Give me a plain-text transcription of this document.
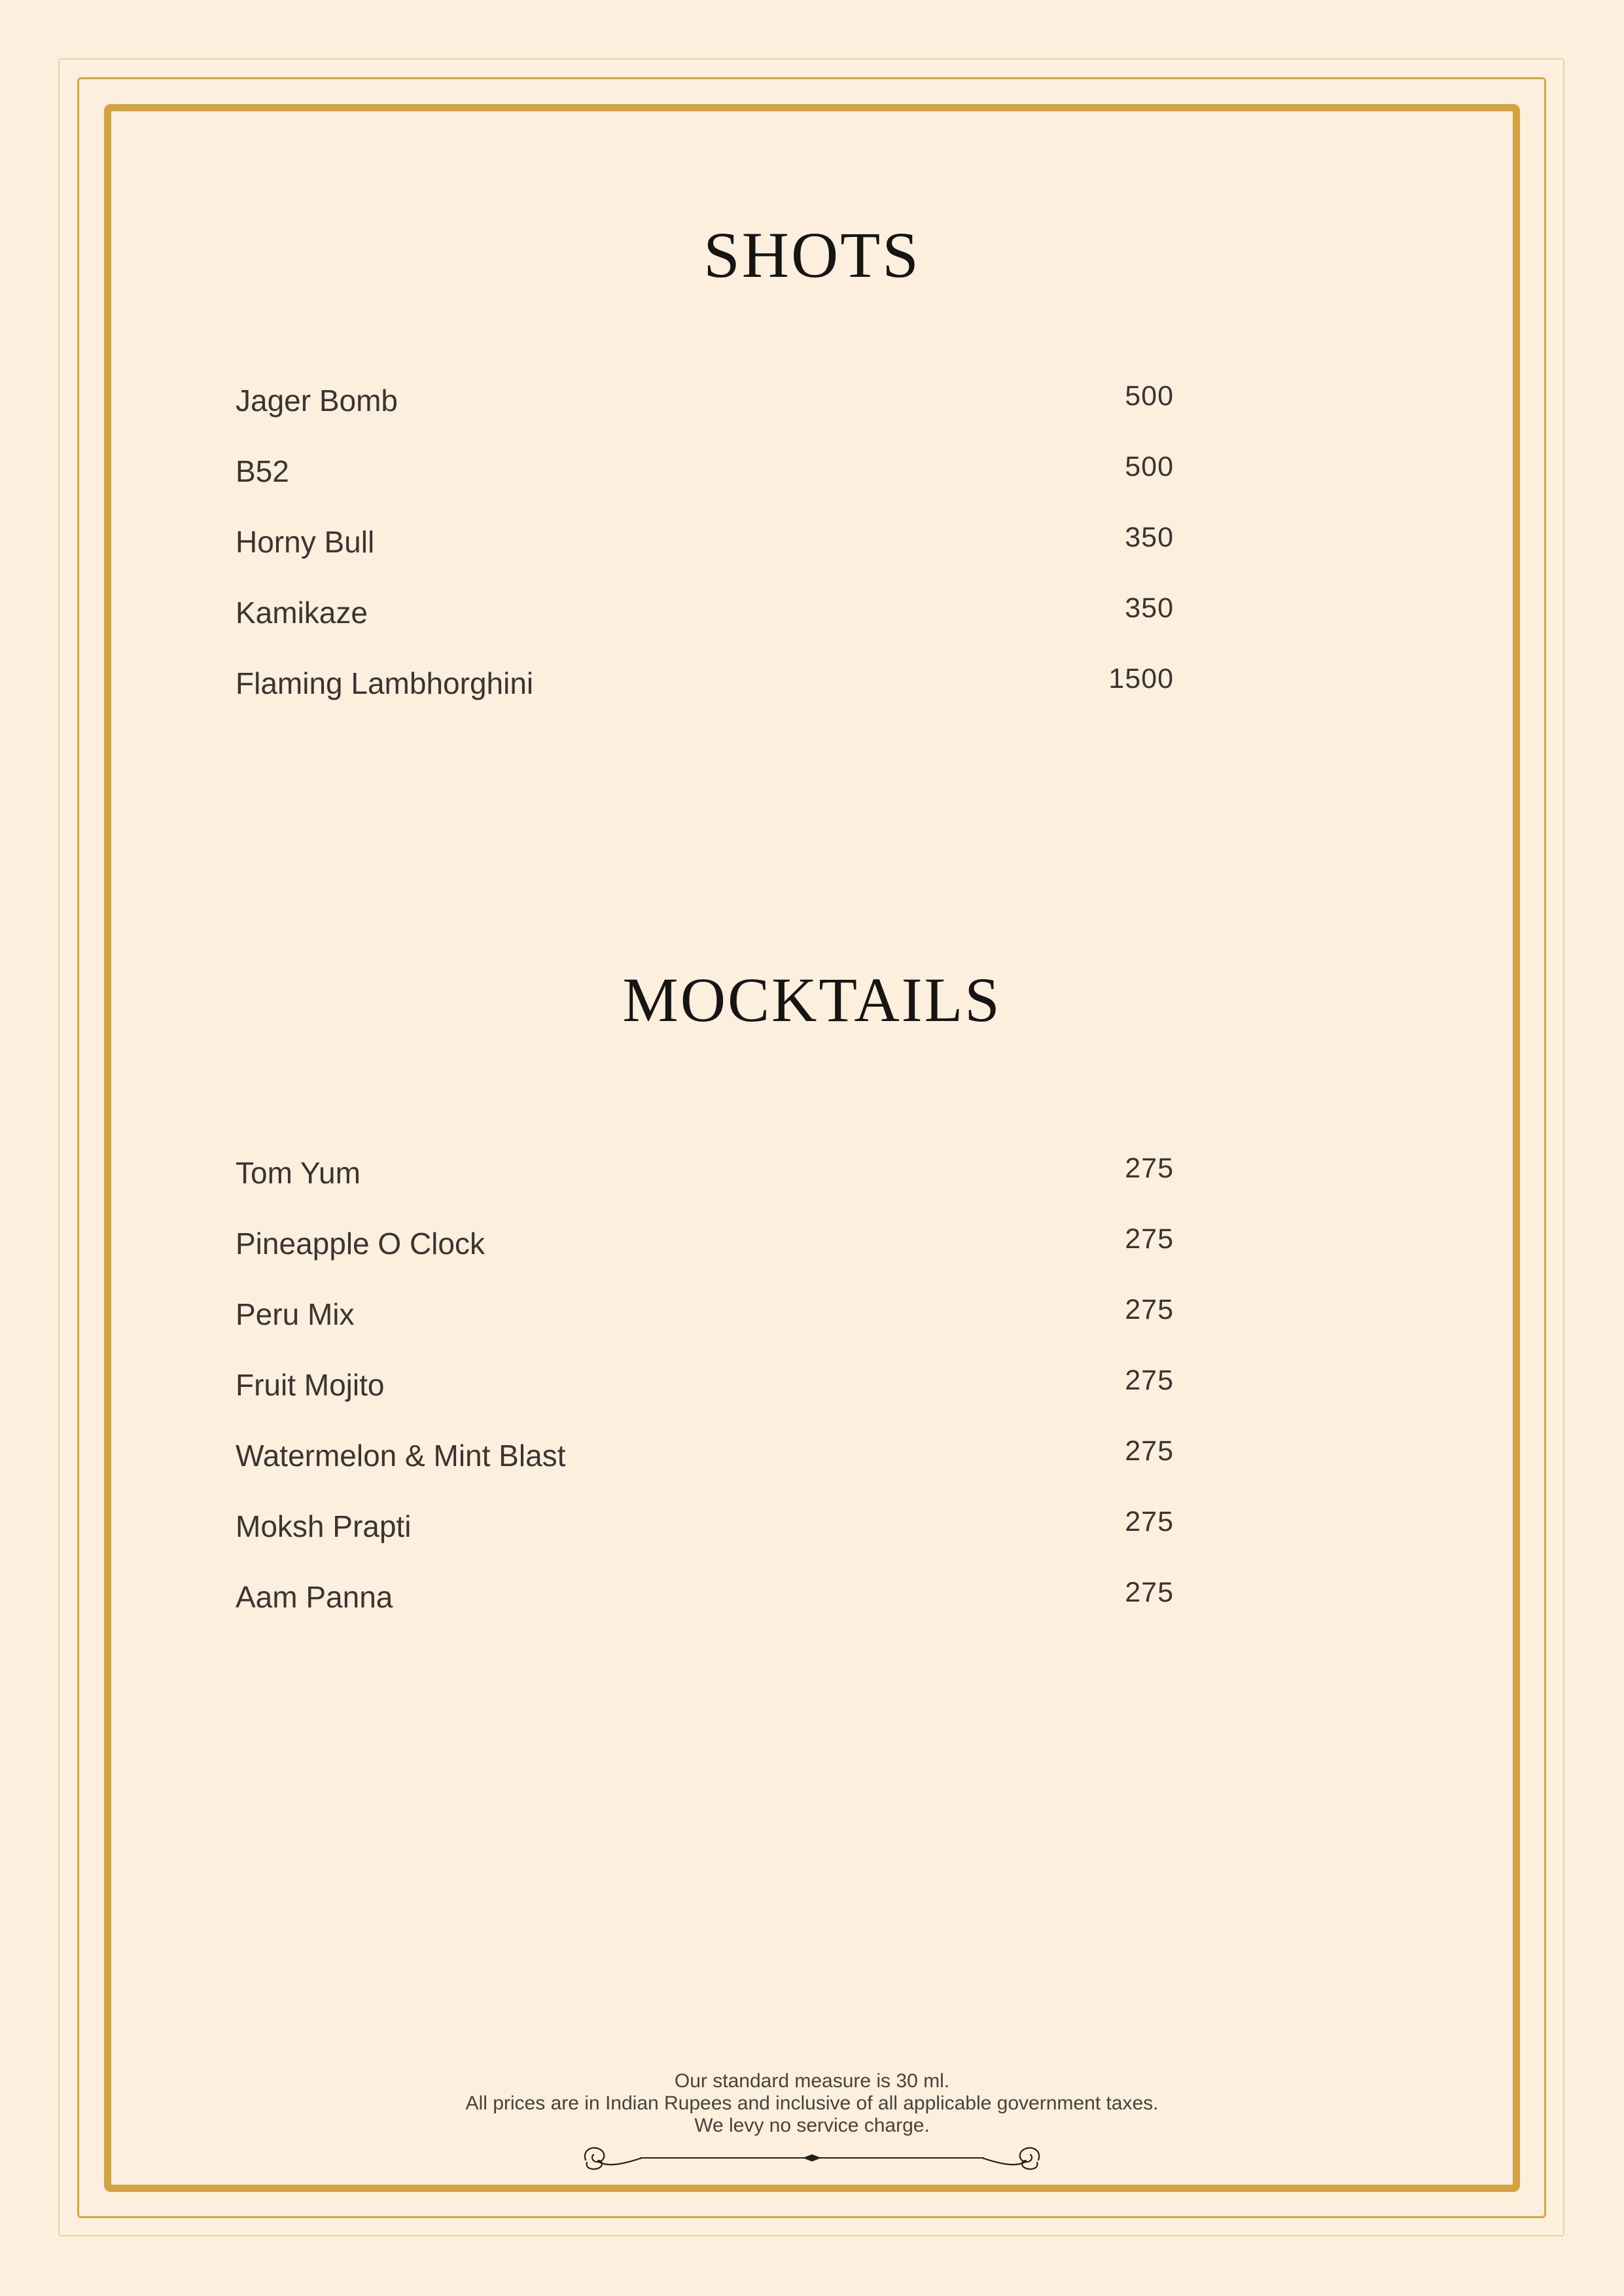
SHOTS
Jager Bomb	500
B52	500
Horny Bull	350
Kamikaze	350
Flaming Lambhorghini	1500
MOCKTAILS
Tom Yum	275
Pineapple O Clock	275
Peru Mix	275
Fruit Mojito	275
Watermelon & Mint Blast	275
Moksh Prapti	275
Aam Panna	275
Our standard measure is 30 ml.
All prices are in Indian Rupees and inclusive of all applicable government taxes.
We levy no service charge.
